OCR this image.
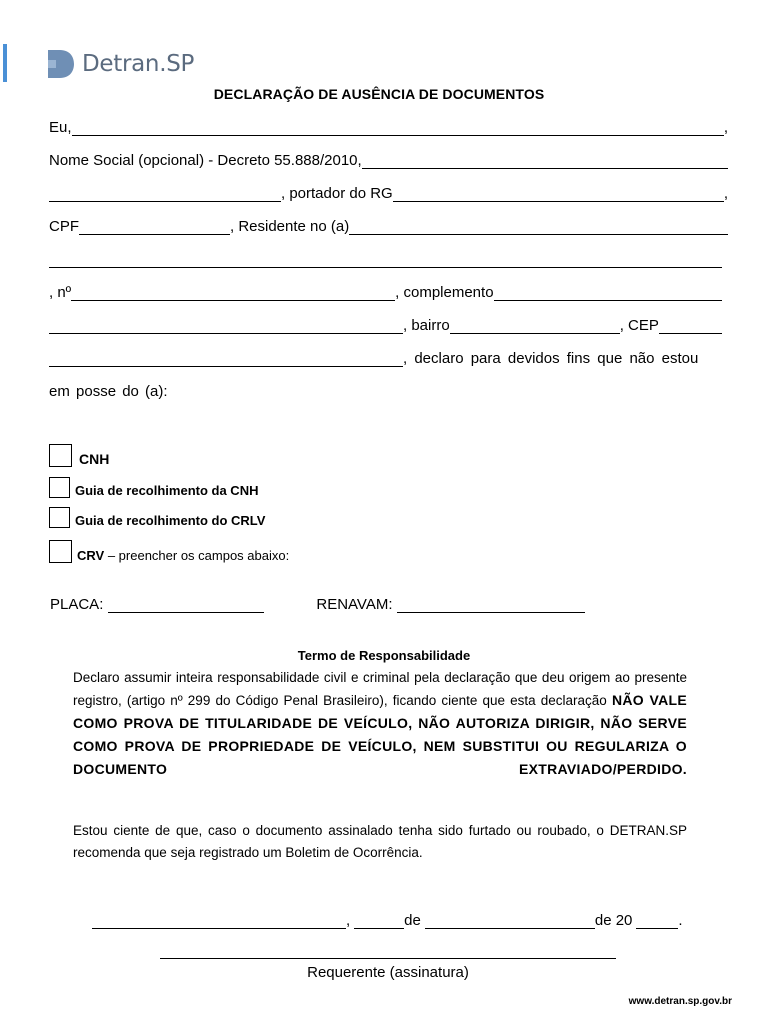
Detran.SP
DECLARAÇÃO DE AUSÊNCIA DE DOCUMENTOS
Eu,	,
Nome Social (opcional) - Decreto 55.888/2010,
, portador do RG	,
CPF	, Residente no (a)
, nº	, complemento
, bairro	, CEP
, declaro para devidos fins que não estou
em posse do (a):
CNH
Guia de recolhimento da CNH
Guia de recolhimento do CRLV
CRV – preencher os campos abaixo:
PLACA:	RENAVAM:
Termo de Responsabilidade
Declaro assumir inteira responsabilidade civil e criminal pela declaração que deu origem ao presente registro, (artigo nº 299 do Código Penal Brasileiro), ficando ciente que esta declaração NÃO VALE COMO PROVA DE TITULARIDADE DE VEÍCULO, NÃO AUTORIZA DIRIGIR, NÃO SERVE COMO PROVA DE PROPRIEDADE DE VEÍCULO, NEM SUBSTITUI OU REGULARIZA O DOCUMENTO EXTRAVIADO/PERDIDO.
Estou ciente de que, caso o documento assinalado tenha sido furtado ou roubado, o DETRAN.SP recomenda que seja registrado um Boletim de Ocorrência.
,	de	de 20	.
Requerente (assinatura)
www.detran.sp.gov.br
